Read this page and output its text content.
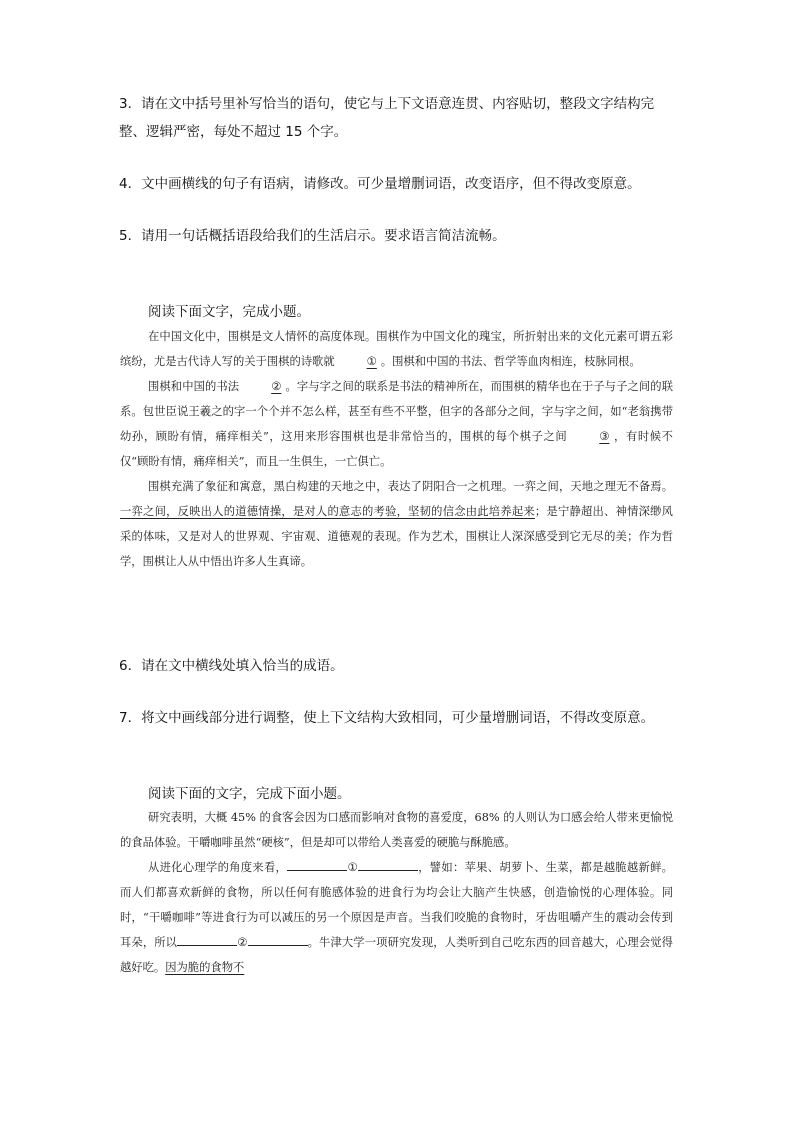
3．请在文中括号里补写恰当的语句，使它与上下文语意连贯、内容贴切，整段文字结构完
整、逻辑严密，每处不超过 15 个字。

4．文中画横线的句子有语病，请修改。可少量增删词语，改变语序，但不得改变原意。

5．请用一句话概括语段给我们的生活启示。要求语言简洁流畅。

阅读下面文字，完成小题。

在中国文化中，围棋是文人情怀的高度体现。围棋作为中国文化的瑰宝，所折射出来的文化元素可谓五彩缤纷，尤是古代诗人写的关于围棋的诗歌就	① 。围棋和中国的书法、哲学等血肉相连，枝脉同根。
围棋和中国的书法	② 。字与字之间的联系是书法的精神所在，而围棋的精华也在于子与子之间的联系。包世臣说王羲之的字一个个并不怎么样，甚至有些不平整，但字的各部分之间，字与字之间，如“老翁携带幼孙，顾盼有情，痛痒相关”，这用来形容围棋也是非常恰当的，围棋的每个棋子之间	③ ，有时候不仅“顾盼有情，痛痒相关”，而且一生俱生，一亡俱亡。
围棋充满了象征和寓意，黑白构建的天地之中，表达了阴阳合一之机理。一弈之间，天地之理无不备焉。一弈之间，反映出人的道德情操，是对人的意志的考验，坚韧的信念由此培养起来；是宁静超出、神情深缈风采的体味，又是对人的世界观、宇宙观、道德观的表现。作为艺术，围棋让人深深感受到它无尽的美；作为哲学，围棋让人从中悟出许多人生真谛。

6．请在文中横线处填入恰当的成语。

7．将文中画线部分进行调整，使上下文结构大致相同，可少量增删词语，不得改变原意。

阅读下面的文字，完成下面小题。

研究表明，大概 45% 的食客会因为口感而影响对食物的喜爱度，68% 的人则认为口感会给人带来更愉悦的食品体验。干嚼咖啡虽然“硬核”，但是却可以带给人类喜爱的硬脆与酥脆感。
从进化心理学的角度来看，	①	，譬如：苹果、胡萝卜、生菜，都是越脆越新鲜。而人们都喜欢新鲜的食物，所以任何有脆感体验的进食行为均会让大脑产生快感，创造愉悦的心理体验。同时，“干嚼咖啡”等进食行为可以减压的另一个原因是声音。当我们咬脆的食物时，牙齿咀嚼产生的震动会传到耳朵，所以	②	。牛津大学一项研究发现，人类听到自己吃东西的回音越大，心理会觉得越好吃。因为脆的食物不
